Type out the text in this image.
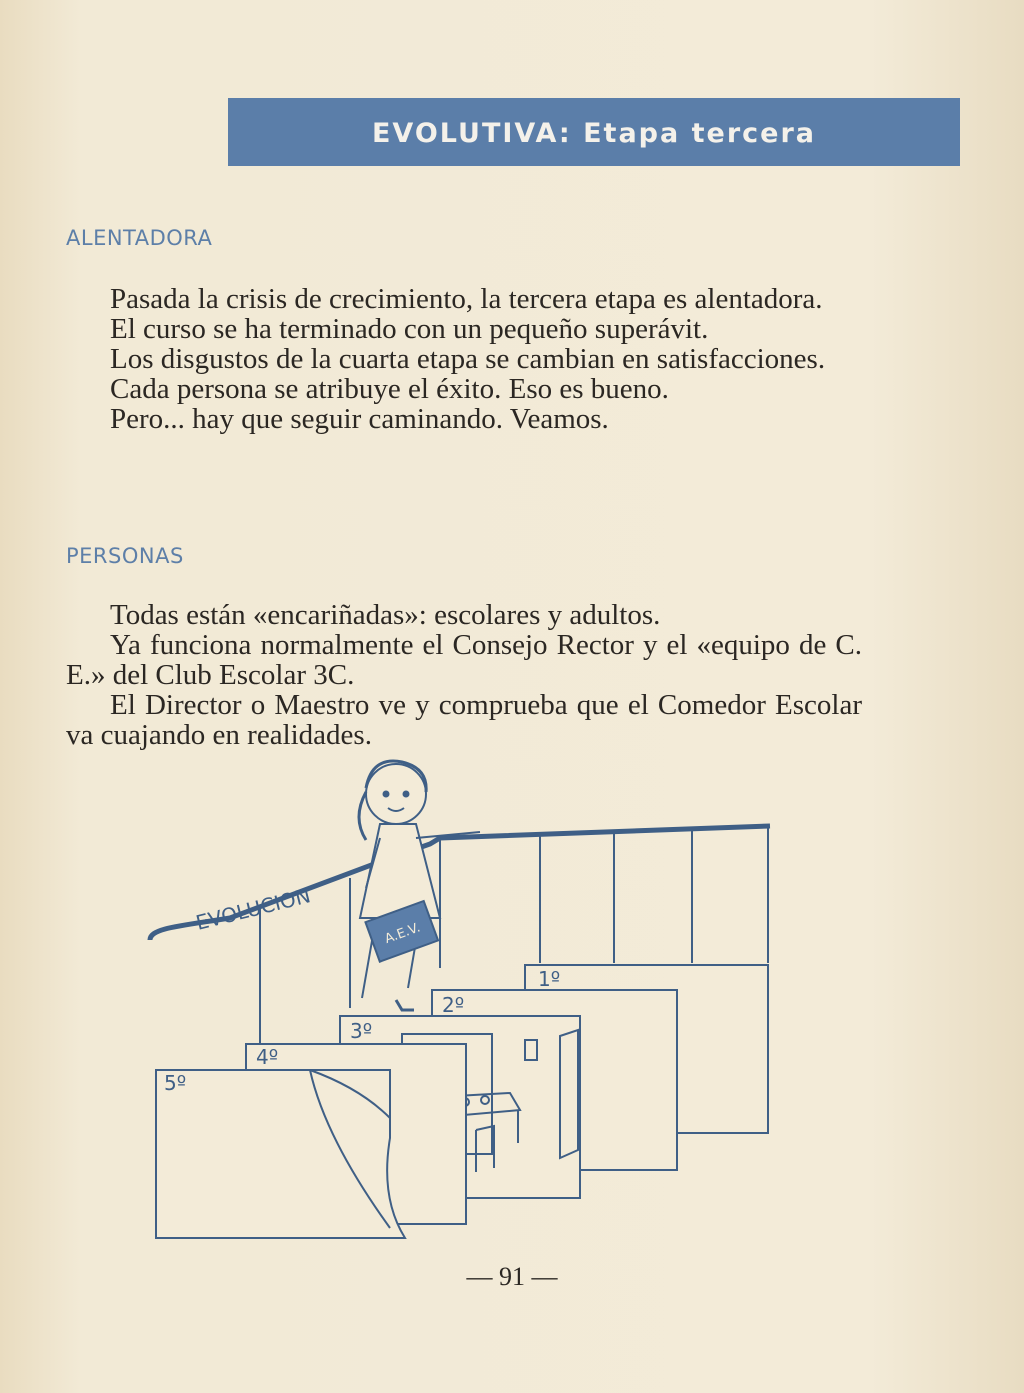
EVOLUTIVA: Etapa tercera
ALENTADORA

Pasada la crisis de crecimiento, la tercera etapa es alentadora.

El curso se ha terminado con un pequeño superávit.

Los disgustos de la cuarta etapa se cambian en satisfacciones.

Cada persona se atribuye el éxito. Eso es bueno.

Pero... hay que seguir caminando. Veamos.

PERSONAS

Todas están «encariñadas»: escolares y adultos.

Ya funciona normalmente el Consejo Rector y el «equipo de C. E.» del Club Escolar 3C.

El Director o Maestro ve y comprueba que el Comedor Escolar va cuajando en realidades.

A.E.V.
EVOLUCION
1º
2º
3º
4º
5º
— 91 —
